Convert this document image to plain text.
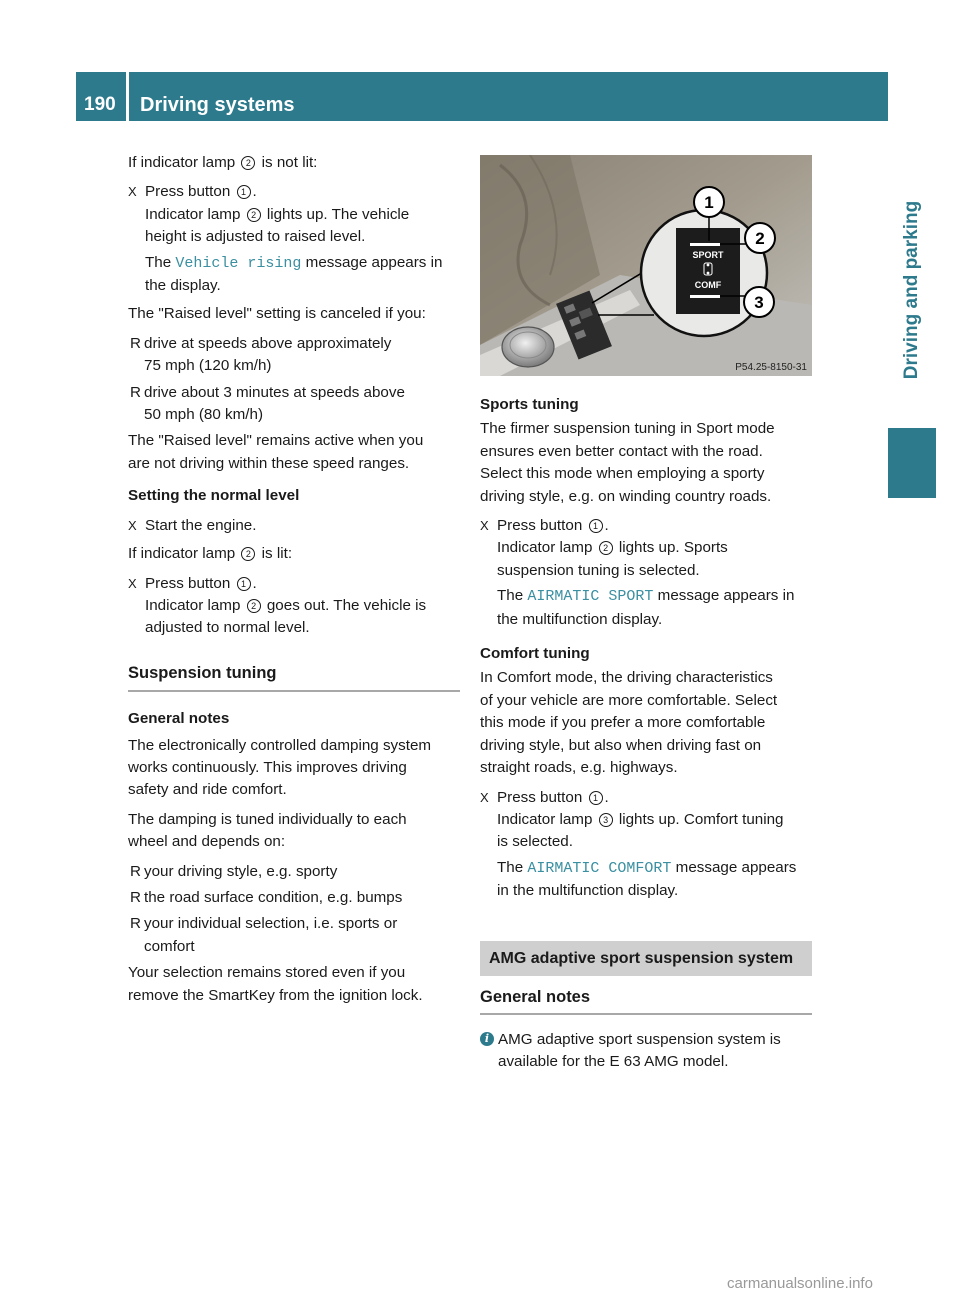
190	Driving systems
Driving and parking

If indicator lamp 2 is not lit:

X Press button 1 .
Indicator lamp 2 lights up. The vehicle
height is adjusted to raised level.
The Vehicle rising message appears in
the display.

The "Raised level" setting is canceled if you:

R drive at speeds above approximately
75 mph (120 km/h)
R drive about 3 minutes at speeds above
50 mph (80 km/h)

The "Raised level" remains active when you
are not driving within these speed ranges.

Setting the normal level

X Start the engine.

If indicator lamp 2 is lit:

X Press button 1 .
Indicator lamp 2 goes out. The vehicle is
adjusted to normal level.
Suspension tuning

General notes

The electronically controlled damping system
works continuously. This improves driving
safety and ride comfort.

The damping is tuned individually to each
wheel and depends on:

R your driving style, e.g. sporty
R the road surface condition, e.g. bumps
R your individual selection, i.e. sports or
comfort

Your selection remains stored even if you
remove the SmartKey from the ignition lock.

SPORT
COMF
1
2
3
P54.25-8150-31

Sports tuning

The firmer suspension tuning in Sport mode
ensures even better contact with the road.
Select this mode when employing a sporty
driving style, e.g. on winding country roads.

X Press button 1 .
Indicator lamp 2 lights up. Sports
suspension tuning is selected.
The AIRMATIC SPORT message appears in
the multifunction display.

Comfort tuning

In Comfort mode, the driving characteristics
of your vehicle are more comfortable. Select
this mode if you prefer a more comfortable
driving style, but also when driving fast on
straight roads, e.g. highways.

X Press button 1 .
Indicator lamp 3 lights up. Comfort tuning
is selected.
The AIRMATIC COMFORT message appears
in the multifunction display.
AMG adaptive sport suspension system
General notes
i AMG adaptive sport suspension system is
available for the E 63 AMG model.
carmanualsonline.info
